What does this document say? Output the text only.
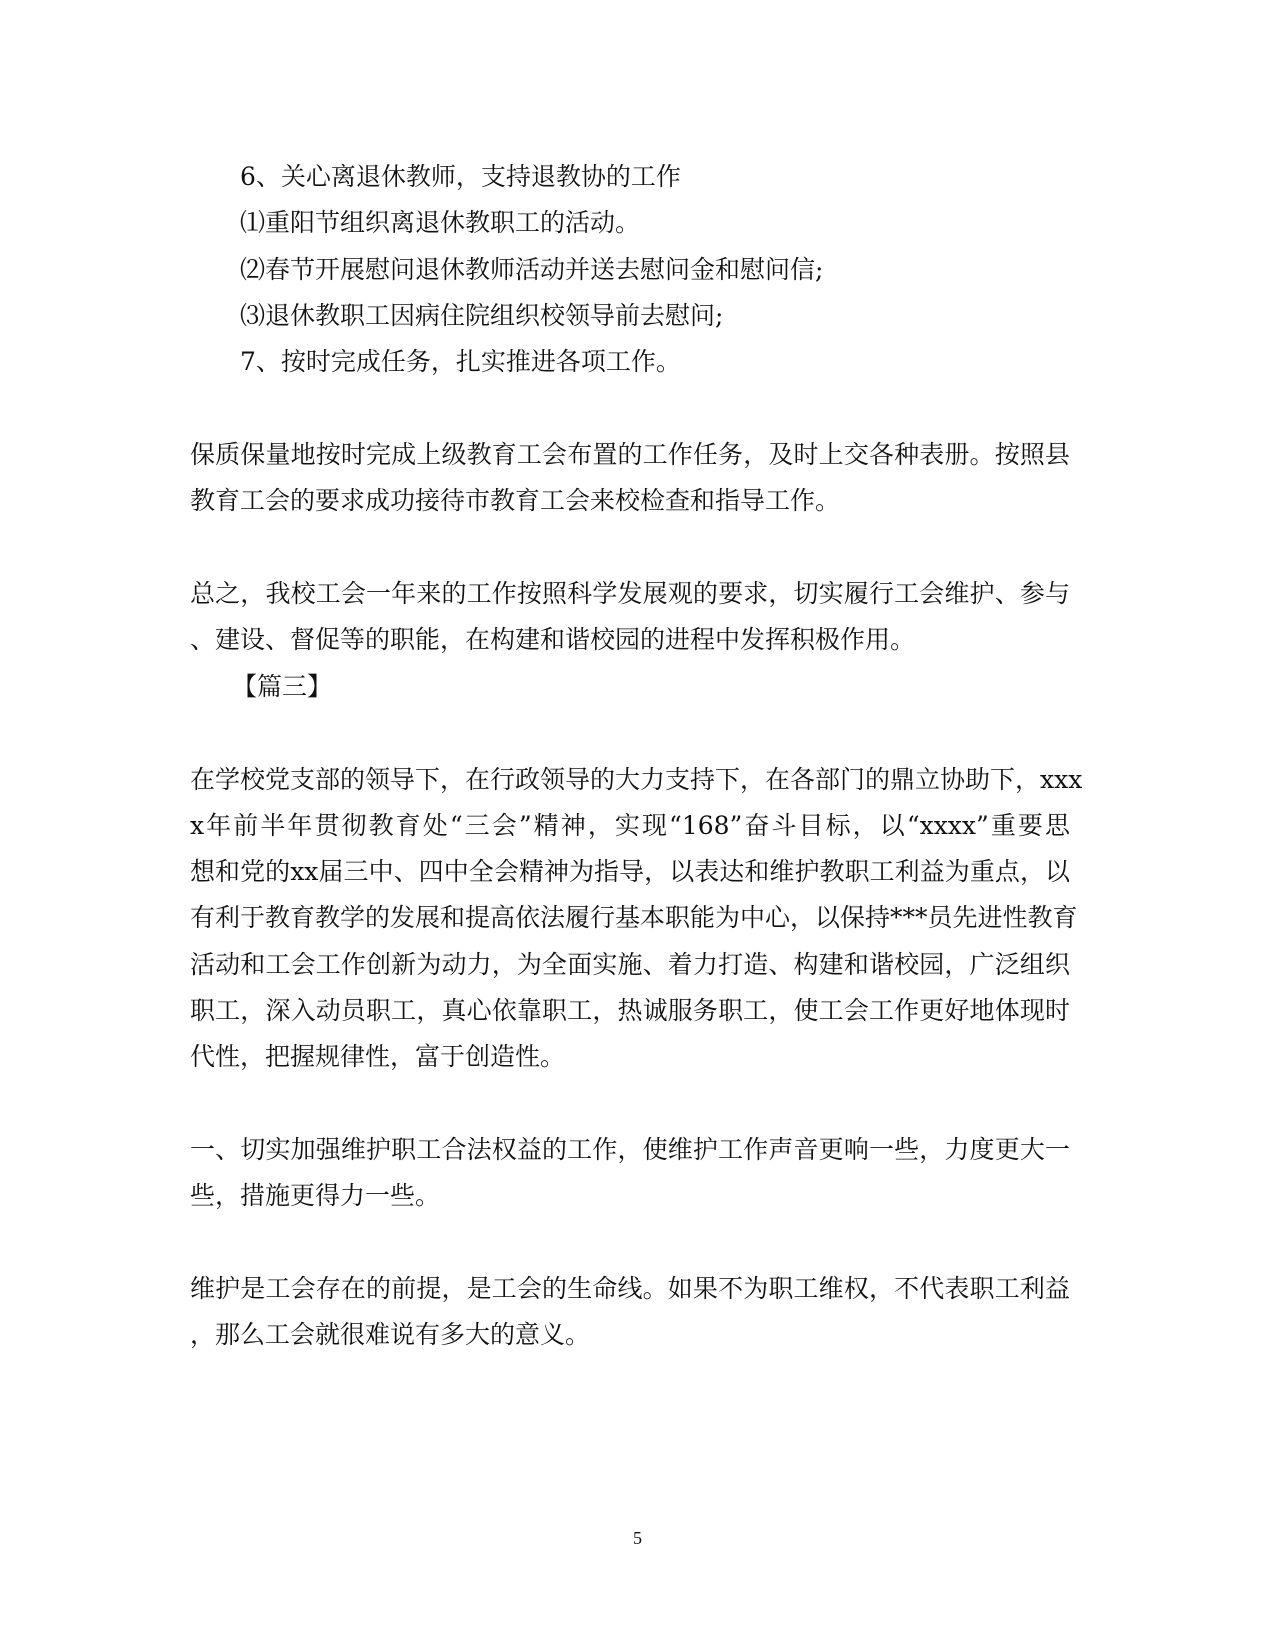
6、关心离退休教师，支持退教协的工作
⑴重阳节组织离退休教职工的活动。
⑵春节开展慰问退休教师活动并送去慰问金和慰问信;
⑶退休教职工因病住院组织校领导前去慰问;
7、按时完成任务，扎实推进各项工作。
保质保量地按时完成上级教育工会布置的工作任务，及时上交各种表册。按照县
教育工会的要求成功接待市教育工会来校检查和指导工作。
总之，我校工会一年来的工作按照科学发展观的要求，切实履行工会维护、参与
、建设、督促等的职能，在构建和谐校园的进程中发挥积极作用。
【篇三】
在学校党支部的领导下，在行政领导的大力支持下，在各部门的鼎立协助下，xxx
x年前半年贯彻教育处“三会”精神，实现“168”奋斗目标，以“xxxx”重要思
想和党的xx届三中、四中全会精神为指导，以表达和维护教职工利益为重点，以
有利于教育教学的发展和提高依法履行基本职能为中心，以保持***员先进性教育
活动和工会工作创新为动力，为全面实施、着力打造、构建和谐校园，广泛组织
职工，深入动员职工，真心依靠职工，热诚服务职工，使工会工作更好地体现时
代性，把握规律性，富于创造性。
一、切实加强维护职工合法权益的工作，使维护工作声音更响一些，力度更大一
些，措施更得力一些。
维护是工会存在的前提，是工会的生命线。如果不为职工维权，不代表职工利益
，那么工会就很难说有多大的意义。
5
